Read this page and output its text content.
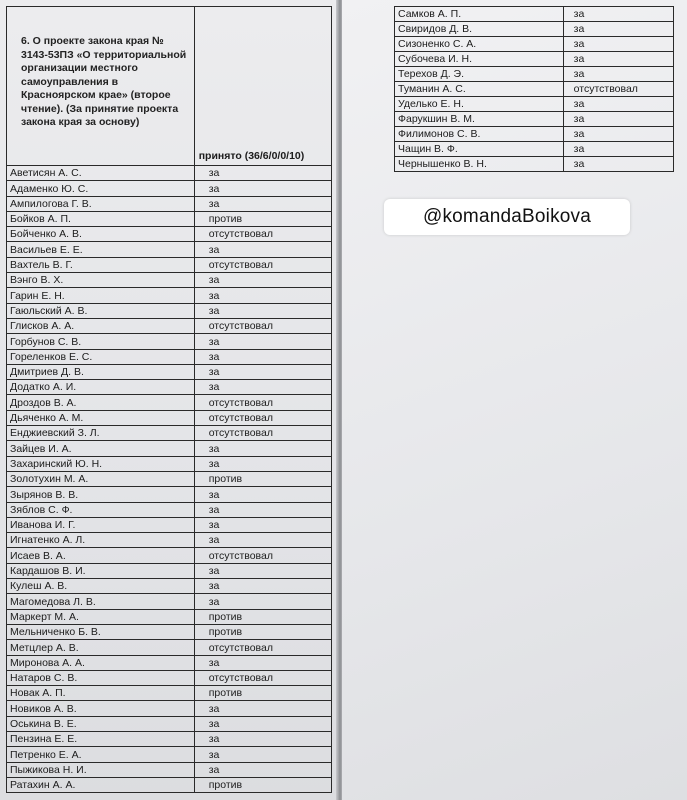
6. О проекте закона края № 3143-53ПЗ «О территориальной организации местного самоуправления в Красноярском крае» (второе чтение). (За принятие проекта закона края за основу)	принято (36/6/0/0/10)
Аветисян А. С.	за
Адаменко Ю. С.	за
Ампилогова Г. В.	за
Бойков А. П.	против
Бойченко А. В.	отсутствовал
Васильев Е. Е.	за
Вахтель В. Г.	отсутствовал
Вэнго В. Х.	за
Гарин Е. Н.	за
Гаюльский А. В.	за
Глисков А. А.	отсутствовал
Горбунов С. В.	за
Гореленков Е. С.	за
Дмитриев Д. В.	за
Додатко А. И.	за
Дроздов В. А.	отсутствовал
Дьяченко А. М.	отсутствовал
Енджиевский З. Л.	отсутствовал
Зайцев И. А.	за
Захаринский Ю. Н.	за
Золотухин М. А.	против
Зырянов В. В.	за
Зяблов С. Ф.	за
Иванова И. Г.	за
Игнатенко А. Л.	за
Исаев В. А.	отсутствовал
Кардашов В. И.	за
Кулеш А. В.	за
Магомедова Л. В.	за
Маркерт М. А.	против
Мельниченко Б. В.	против
Метцлер А. В.	отсутствовал
Миронова А. А.	за
Натаров С. В.	отсутствовал
Новак А. П.	против
Новиков А. В.	за
Оськина В. Е.	за
Пензина Е. Е.	за
Петренко Е. А.	за
Пыжикова Н. И.	за
Ратахин А. А.	против
Самков А. П.	за
Свиридов Д. В.	за
Сизоненко С. А.	за
Субочева И. Н.	за
Терехов Д. Э.	за
Туманин А. С.	отсутствовал
Уделько Е. Н.	за
Фарукшин В. М.	за
Филимонов С. В.	за
Чащин В. Ф.	за
Чернышенко В. Н.	за
@komandaBoikova
